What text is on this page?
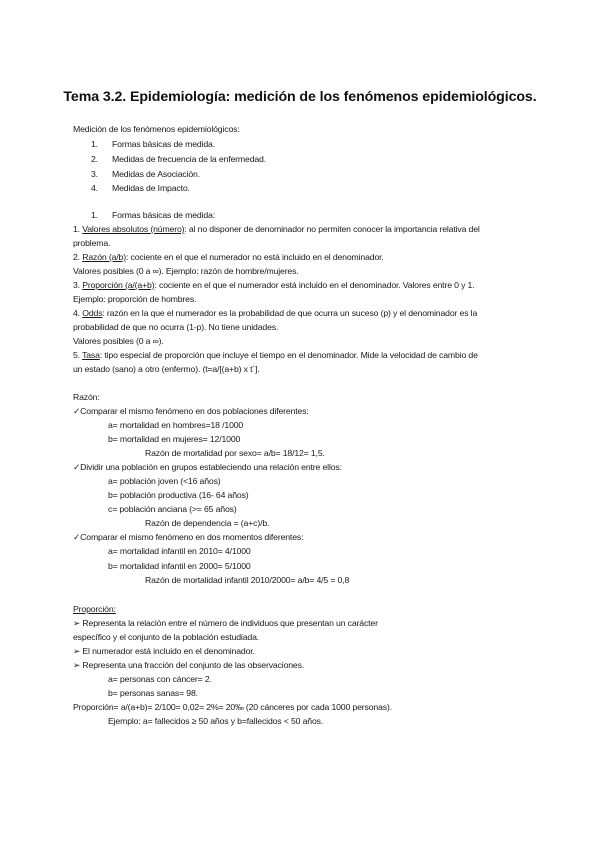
Tema 3.2. Epidemiología: medición de los fenómenos epidemiológicos.
Medición de los fenómenos epidemiológicos:
1. Formas básicas de medida.
2. Medidas de frecuencia de la enfermedad.
3. Medidas de Asociación.
4. Medidas de Impacto.
1. Formas básicas de medida:
1. Valores absolutos (número): al no disponer de denominador no permiten conocer la importancia relativa del
problema.
2. Razón (a/b): cociente en el que el numerador no está incluido en el denominador.
Valores posibles (0 a ∞). Ejemplo: razón de hombre/mujeres.
3. Proporción (a/(a+b): cociente en el que el numerador está incluido en el denominador. Valores entre 0 y 1.
Ejemplo: proporción de hombres.
4. Odds: razón en la que el numerador es la probabilidad de que ocurra un suceso (p) y el denominador es la
probabilidad de que no ocurra (1-p). No tiene unidades.
Valores posibles (0 a ∞).
5. Tasa: tipo especial de proporción que incluye el tiempo en el denominador. Mide la velocidad de cambio de
un estado (sano) a otro (enfermo). (t=a/[(a+b) x t´].
Razón:
✓Comparar el mismo fenómeno en dos poblaciones diferentes:
a= mortalidad en hombres=18 /1000
b= mortalidad en mujeres= 12/1000
Razón de mortalidad por sexo= a/b= 18/12= 1,5.
✓Dividir una población en grupos estableciendo una relación entre ellos:
a= población joven (<16 años)
b= población productiva (16- 64 años)
c= población anciana (>= 65 años)
Razón de dependencia = (a+c)/b.
✓Comparar el mismo fenómeno en dos momentos diferentes:
a= mortalidad infantil en 2010= 4/1000
b= mortalidad infantil en 2000= 5/1000
Razón de mortalidad infantil 2010/2000= a/b= 4/5 = 0,8
Proporción:
➢ Representa la relación entre el número de individuos que presentan un carácter
específico y el conjunto de la población estudiada.
➢ El numerador está incluido en el denominador.
➢ Representa una fracción del conjunto de las observaciones.
a= personas con cáncer= 2.
b= personas sanas= 98.
Proporción= a/(a+b)= 2/100= 0,02= 2%= 20‰ (20 cánceres por cada 1000 personas).
Ejemplo: a= fallecidos ≥ 50 años y b=fallecidos < 50 años.
